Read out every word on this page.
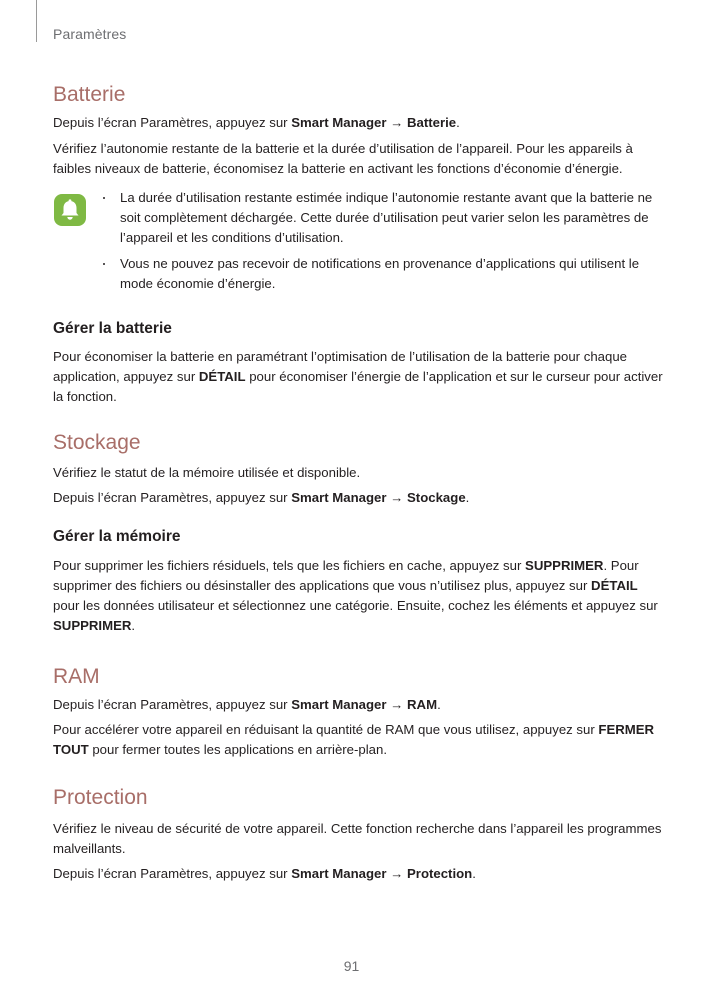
Paramètres
Batterie

Depuis l’écran Paramètres, appuyez sur Smart Manager → Batterie.

Vérifiez l’autonomie restante de la batterie et la durée d’utilisation de l’appareil. Pour les appareils à faibles niveaux de batterie, économisez la batterie en activant les fonctions d’économie d’énergie.

La durée d’utilisation restante estimée indique l’autonomie restante avant que la batterie ne soit complètement déchargée. Cette durée d’utilisation peut varier selon les paramètres de l’appareil et les conditions d’utilisation.
Vous ne pouvez pas recevoir de notifications en provenance d’applications qui utilisent le mode économie d’énergie.
Gérer la batterie

Pour économiser la batterie en paramétrant l’optimisation de l’utilisation de la batterie pour chaque application, appuyez sur DÉTAIL pour économiser l’énergie de l’application et sur le curseur pour activer la fonction.

Stockage

Vérifiez le statut de la mémoire utilisée et disponible.

Depuis l’écran Paramètres, appuyez sur Smart Manager → Stockage.

Gérer la mémoire

Pour supprimer les fichiers résiduels, tels que les fichiers en cache, appuyez sur SUPPRIMER. Pour supprimer des fichiers ou désinstaller des applications que vous n’utilisez plus, appuyez sur DÉTAIL pour les données utilisateur et sélectionnez une catégorie. Ensuite, cochez les éléments et appuyez sur SUPPRIMER.

RAM

Depuis l’écran Paramètres, appuyez sur Smart Manager → RAM.

Pour accélérer votre appareil en réduisant la quantité de RAM que vous utilisez, appuyez sur FERMER TOUT pour fermer toutes les applications en arrière-plan.

Protection

Vérifiez le niveau de sécurité de votre appareil. Cette fonction recherche dans l’appareil les programmes malveillants.

Depuis l’écran Paramètres, appuyez sur Smart Manager → Protection.

91
